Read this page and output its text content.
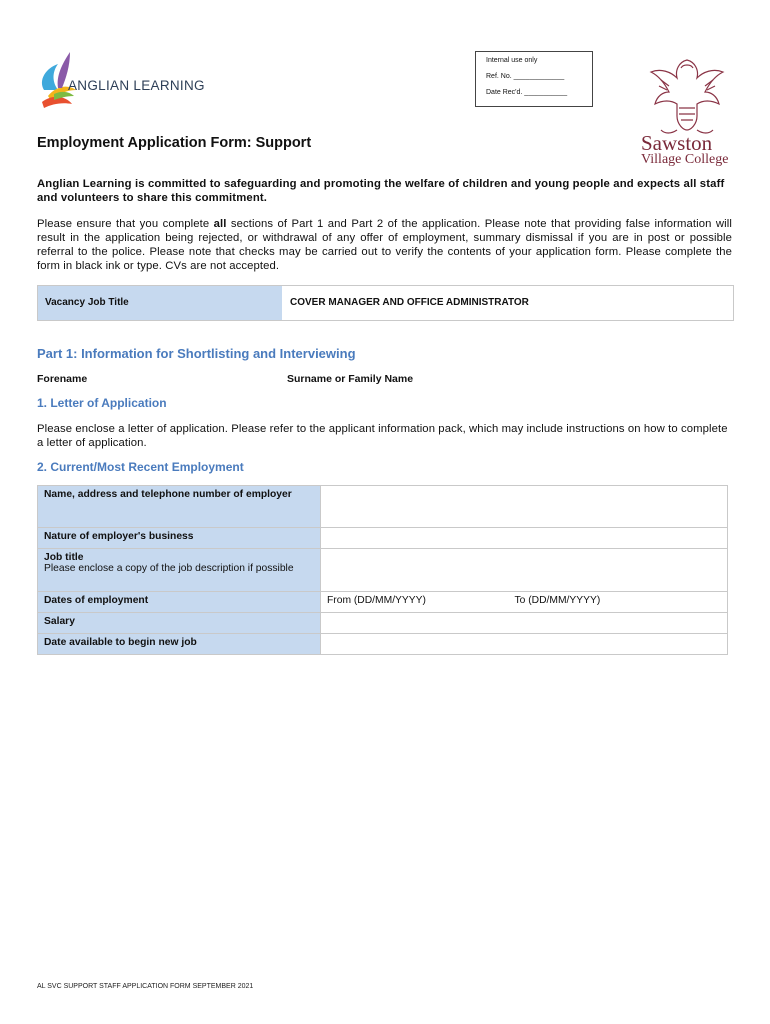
ANGLIAN LEARNING
Internal use only
Ref. No. _____________
Date Rec'd. ___________
Sawston
Village College
Employment Application Form: Support
Anglian Learning is committed to safeguarding and promoting the welfare of children and young people and expects all staff and volunteers to share this commitment.
Please ensure that you complete all sections of Part 1 and Part 2 of the application. Please note that providing false information will result in the application being rejected, or withdrawal of any offer of employment, summary dismissal if you are in post or possible referral to the police. Please note that checks may be carried out to verify the contents of your application form. Please complete the form in black ink or type. CVs are not accepted.
Vacancy Job Title	COVER MANAGER AND OFFICE ADMINISTRATOR
Part 1: Information for Shortlisting and Interviewing
Forename	Surname or Family Name
1. Letter of Application
Please enclose a letter of application. Please refer to the applicant information pack, which may include instructions on how to complete a letter of application.
2. Current/Most Recent Employment
Name, address and telephone number of employer	
Nature of employer's business	

Job title
Please enclose a copy of the job description if possible	

Dates of employment	From (DD/MM/YYYY) To (DD/MM/YYYY)

Salary	
Date available to begin new job	
AL SVC SUPPORT STAFF APPLICATION FORM SEPTEMBER 2021
